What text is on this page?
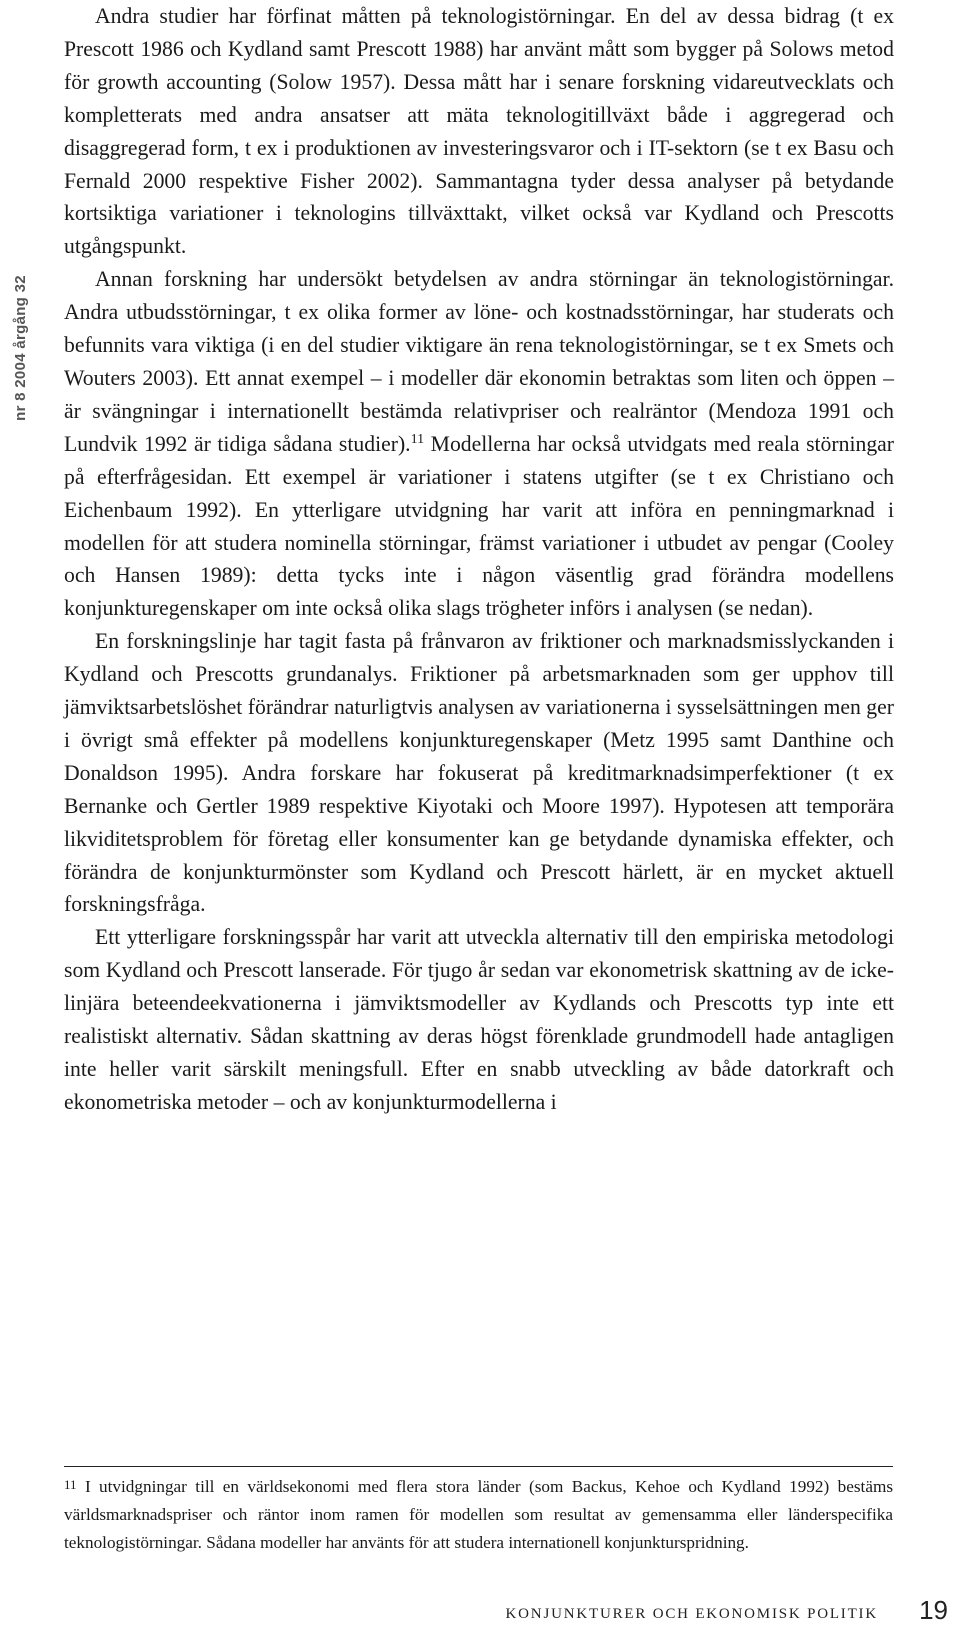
nr 8 2004 årgång 32

Andra studier har förfinat måtten på teknologistörningar. En del av dessa bidrag (t ex Prescott 1986 och Kydland samt Prescott 1988) har använt mått som bygger på Solows metod för growth accounting (Solow 1957). Dessa mått har i senare forskning vidareutvecklats och kompletterats med andra ansatser att mäta teknologitillväxt både i aggregerad och disaggregerad form, t ex i produktionen av investeringsvaror och i IT-sektorn (se t ex Basu och Fernald 2000 respektive Fisher 2002). Sammantagna tyder dessa analyser på betydande kortsiktiga variationer i teknologins tillväxttakt, vilket också var Kydland och Prescotts utgångspunkt.

Annan forskning har undersökt betydelsen av andra störningar än teknologistörningar. Andra utbudsstörningar, t ex olika former av löne- och kostnadsstörningar, har studerats och befunnits vara viktiga (i en del studier viktigare än rena teknologistörningar, se t ex Smets och Wouters 2003). Ett annat exempel – i modeller där ekonomin betraktas som liten och öppen – är svängningar i internationellt bestämda relativpriser och realräntor (Mendoza 1991 och Lundvik 1992 är tidiga sådana studier).$^{11}$ Modellerna har också utvidgats med reala störningar på efterfrågesidan. Ett exempel är variationer i statens utgifter (se t ex Christiano och Eichenbaum 1992). En ytterligare utvidgning har varit att införa en penningmarknad i modellen för att studera nominella störningar, främst variationer i utbudet av pengar (Cooley och Hansen 1989): detta tycks inte i någon väsentlig grad förändra modellens konjunkturegenskaper om inte också olika slags trögheter införs i analysen (se nedan).

En forskningslinje har tagit fasta på frånvaron av friktioner och marknadsmisslyckanden i Kydland och Prescotts grundanalys. Friktioner på arbetsmarknaden som ger upphov till jämviktsarbetslöshet förändrar naturligtvis analysen av variationerna i sysselsättningen men ger i övrigt små effekter på modellens konjunkturegenskaper (Metz 1995 samt Danthine och Donaldson 1995). Andra forskare har fokuserat på kreditmarknadsimperfektioner (t ex Bernanke och Gertler 1989 respektive Kiyotaki och Moore 1997). Hypotesen att temporära likviditetsproblem för företag eller konsumenter kan ge betydande dynamiska effekter, och förändra de konjunkturmönster som Kydland och Prescott härlett, är en mycket aktuell forskningsfråga.

Ett ytterligare forskningsspår har varit att utveckla alternativ till den empiriska metodologi som Kydland och Prescott lanserade. För tjugo år sedan var ekonometrisk skattning av de icke-linjära beteendeekvationerna i jämviktsmodeller av Kydlands och Prescotts typ inte ett realistiskt alternativ. Sådan skattning av deras högst förenklade grundmodell hade antagligen inte heller varit särskilt meningsfull. Efter en snabb utveckling av både datorkraft och ekonometriska metoder – och av konjunkturmodellerna i

$^{11}$ I utvidgningar till en världsekonomi med flera stora länder (som Backus, Kehoe och Kydland 1992) bestäms världsmarknadspriser och räntor inom ramen för modellen som resultat av gemensamma eller länderspecifika teknologistörningar. Sådana modeller har använts för att studera internationell konjunkturspridning.
KONJUNKTURER OCH EKONOMISK POLITIK 19
